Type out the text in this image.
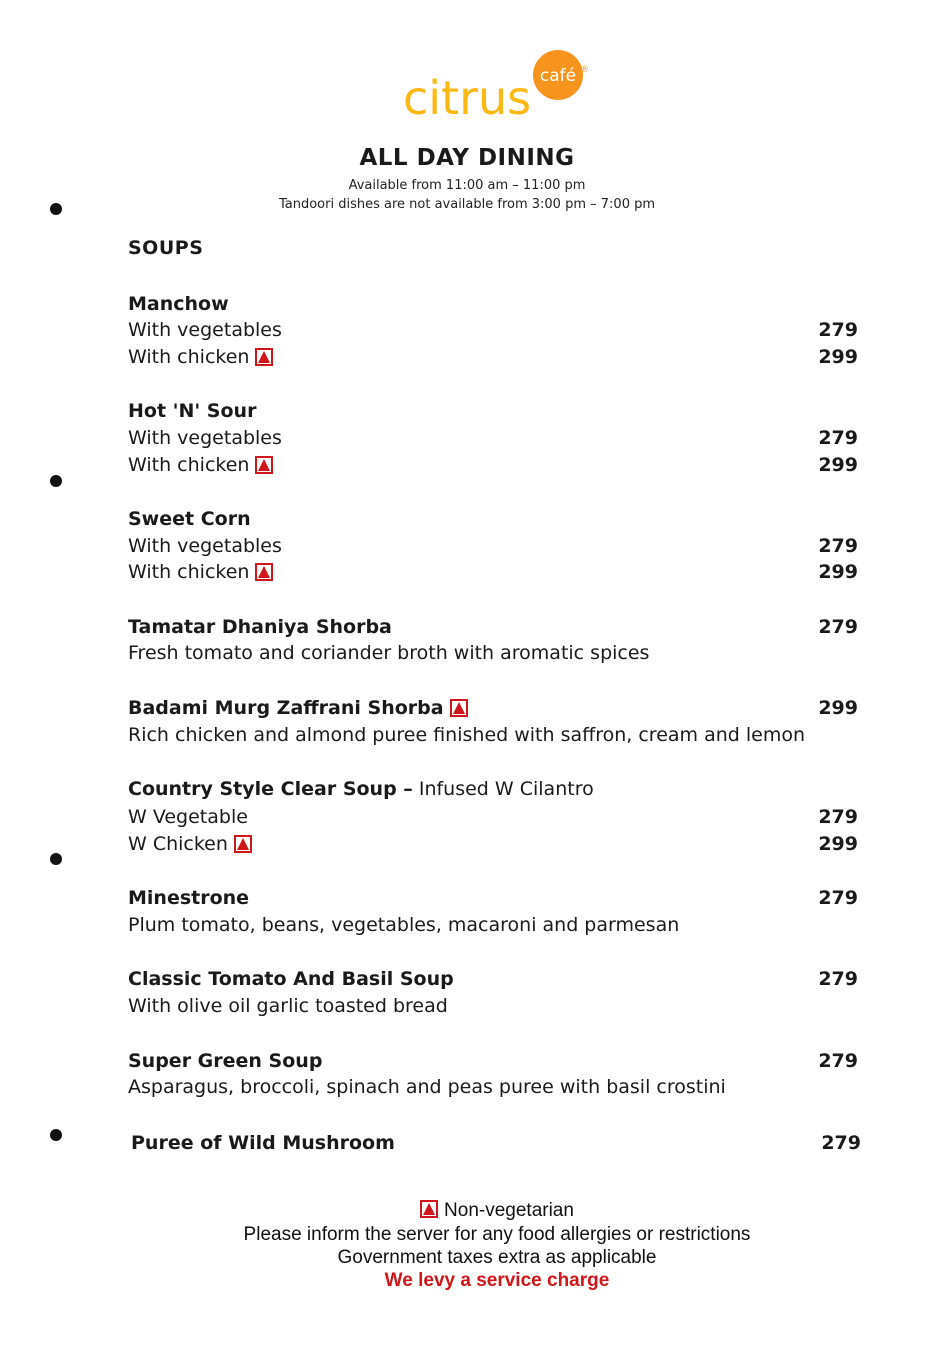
citrus café ®
ALL DAY DINING
Available from 11:00 am – 11:00 pm
Tandoori dishes are not available from 3:00 pm – 7:00 pm
SOUPS
Manchow
With vegetables	279
With chicken	299
Hot 'N' Sour
With vegetables	279
With chicken	299
Sweet Corn
With vegetables	279
With chicken	299
Tamatar Dhaniya Shorba	279
Fresh tomato and coriander broth with aromatic spices
Badami Murg Zaffrani Shorba	299
Rich chicken and almond puree finished with saffron, cream and lemon
Country Style Clear Soup – Infused W Cilantro
W Vegetable	279
W Chicken	299
Minestrone	279
Plum tomato, beans, vegetables, macaroni and parmesan
Classic Tomato And Basil Soup	279
With olive oil garlic toasted bread
Super Green Soup	279
Asparagus, broccoli, spinach and peas puree with basil crostini
Puree of Wild Mushroom	279
Non-vegetarian
Please inform the server for any food allergies or restrictions
Government taxes extra as applicable
We levy a service charge
